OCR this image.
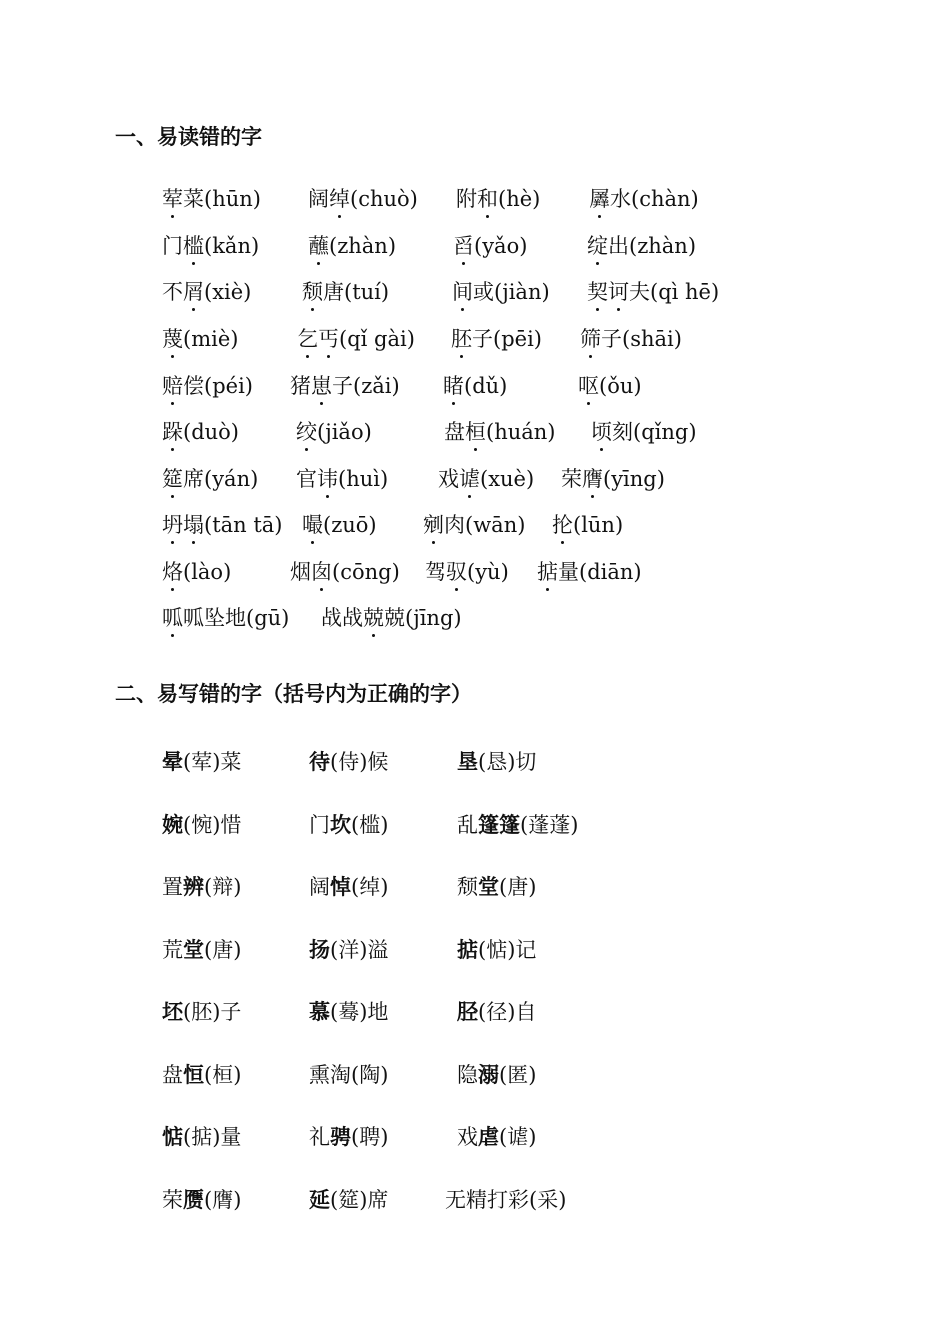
一、易读错的字
荤菜(hūn) 阔绰(chuò) 附和(hè) 羼水(chàn)
门槛(kǎn) 蘸(zhàn)	舀(yǎo)	绽出(zhàn)
不屑(xiè) 颓唐(tuí)	间或(jiàn) 契诃夫(qì hē)
蔑(miè)	乞丐(qǐ gài) 胚子(pēi) 筛子(shāi)
赔偿(péi) 猪崽子(zǎi) 睹(dǔ)	呕(ǒu)
跺(duò)	绞(jiǎo)	盘桓(huán) 顷刻(qǐng)
筵席(yán) 官讳(huì) 戏谑(xuè) 荣膺(yīng)
坍塌(tān tā) 嘬(zuō) 剜肉(wān) 抡(lūn)
烙(lào)	烟囱(cōng) 驾驭(yù) 掂量(diān)
呱呱坠地(gū) 战战兢兢(jīng)
二、易写错的字（括号内为正确的字）
晕(荤)菜	待(侍)候	垦(恳)切
婉(惋)惜	门坎(槛)	乱篷篷(蓬蓬)
置辨(辩)	阔悼(绰)	颓堂(唐)
荒堂(唐)	扬(洋)溢	掂(惦)记
坯(胚)子	慕(蓦)地	胫(径)自
盘恒(桓)	熏淘(陶)	隐溺(匿)
惦(掂)量	礼骋(聘)	戏虐(谑)
荣赝(膺)	延(筵)席	无精打彩(采)
